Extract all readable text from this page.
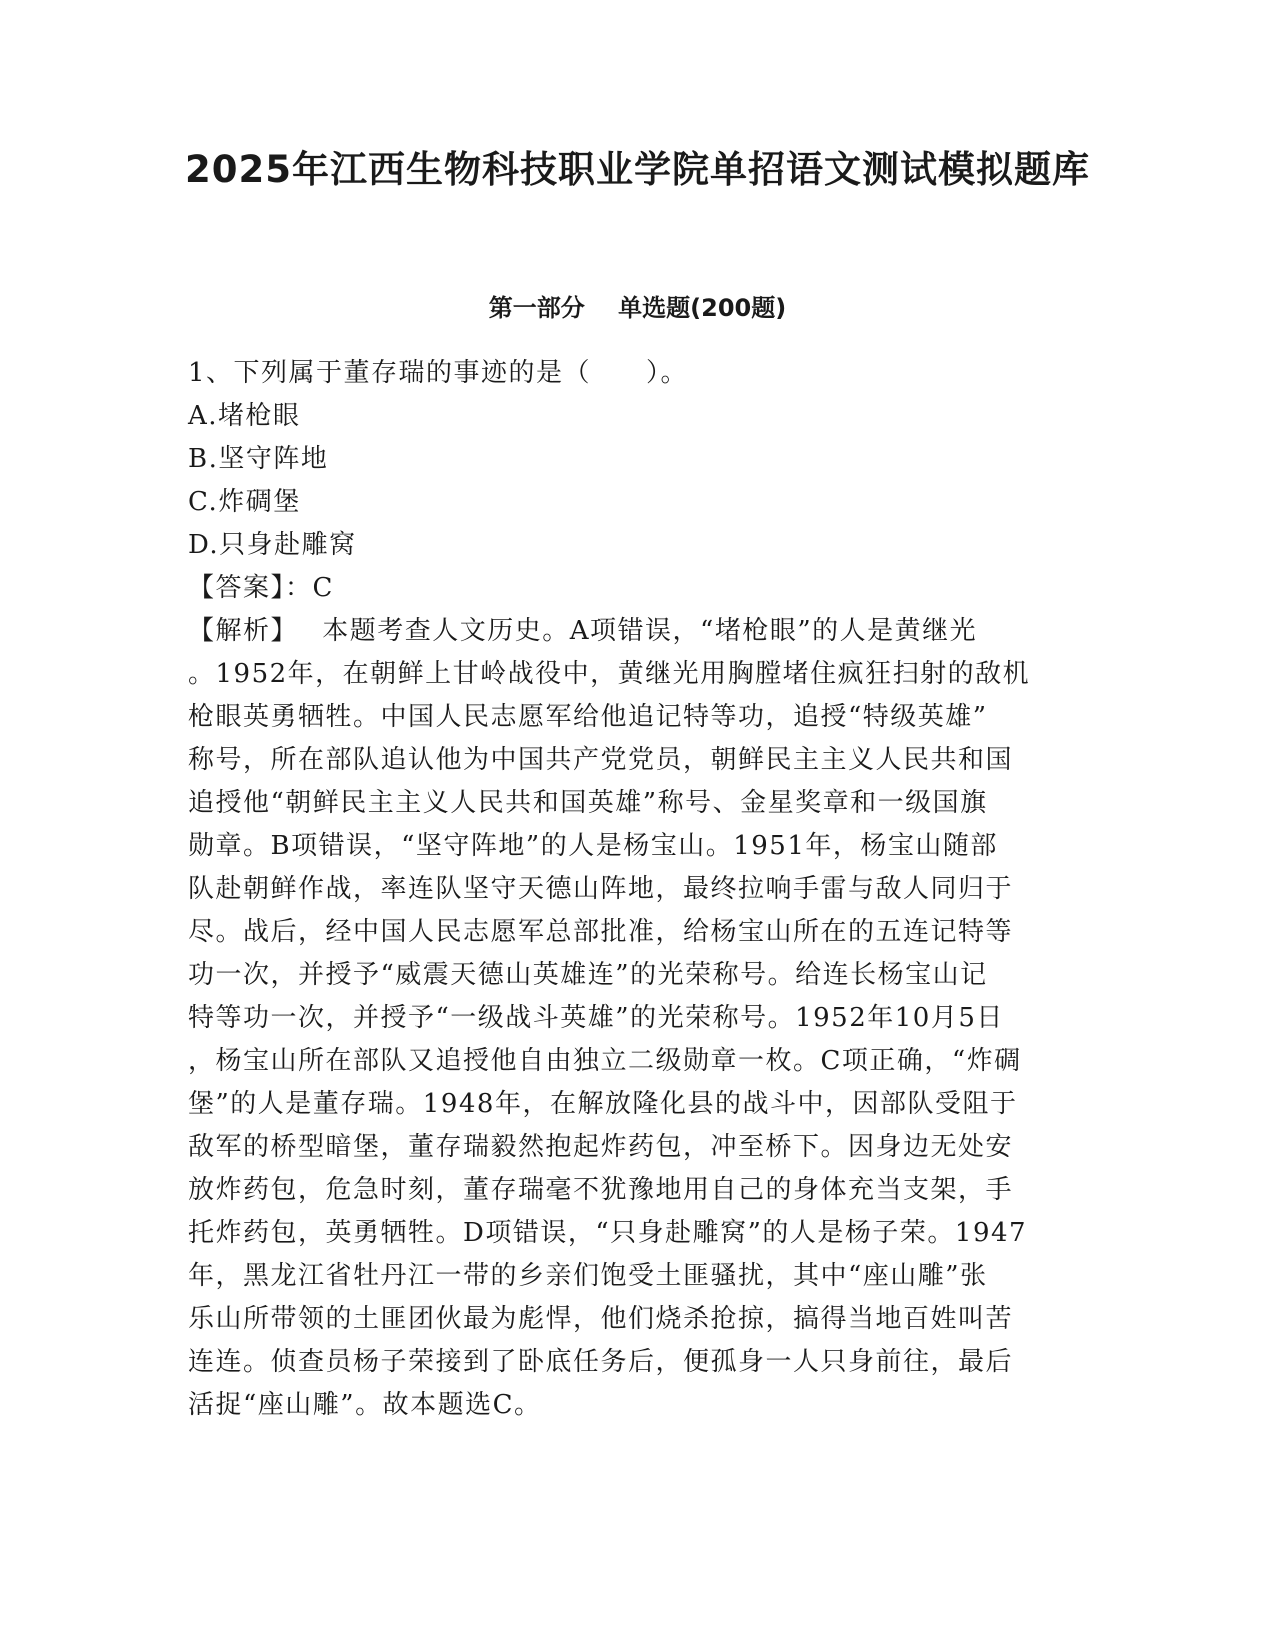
2025年江西生物科技职业学院单招语文测试模拟题库
第一部分    单选题(200题)
1、下列属于董存瑞的事迹的是（　　）。
A.堵枪眼
B.坚守阵地
C.炸碉堡
D.只身赴雕窝
【答案】：C
【解析】　 本题考查人文历史。A项错误，“堵枪眼”的人是黄继光
。1952年，在朝鲜上甘岭战役中，黄继光用胸膛堵住疯狂扫射的敌机
枪眼英勇牺牲。中国人民志愿军给他追记特等功，追授“特级英雄”
称号，所在部队追认他为中国共产党党员，朝鲜民主主义人民共和国
追授他“朝鲜民主主义人民共和国英雄”称号、金星奖章和一级国旗
勋章。B项错误，“坚守阵地”的人是杨宝山。1951年，杨宝山随部
队赴朝鲜作战，率连队坚守天德山阵地，最终拉响手雷与敌人同归于
尽。战后，经中国人民志愿军总部批准，给杨宝山所在的五连记特等
功一次，并授予“威震天德山英雄连”的光荣称号。给连长杨宝山记
特等功一次，并授予“一级战斗英雄”的光荣称号。1952年10月5日
，杨宝山所在部队又追授他自由独立二级勋章一枚。C项正确，“炸碉
堡”的人是董存瑞。1948年，在解放隆化县的战斗中，因部队受阻于
敌军的桥型暗堡，董存瑞毅然抱起炸药包，冲至桥下。因身边无处安
放炸药包，危急时刻，董存瑞毫不犹豫地用自己的身体充当支架，手
托炸药包，英勇牺牲。D项错误，“只身赴雕窝”的人是杨子荣。1947
年，黑龙江省牡丹江一带的乡亲们饱受土匪骚扰，其中“座山雕”张
乐山所带领的土匪团伙最为彪悍，他们烧杀抢掠，搞得当地百姓叫苦
连连。侦查员杨子荣接到了卧底任务后，便孤身一人只身前往，最后
活捉“座山雕”。故本题选C。
